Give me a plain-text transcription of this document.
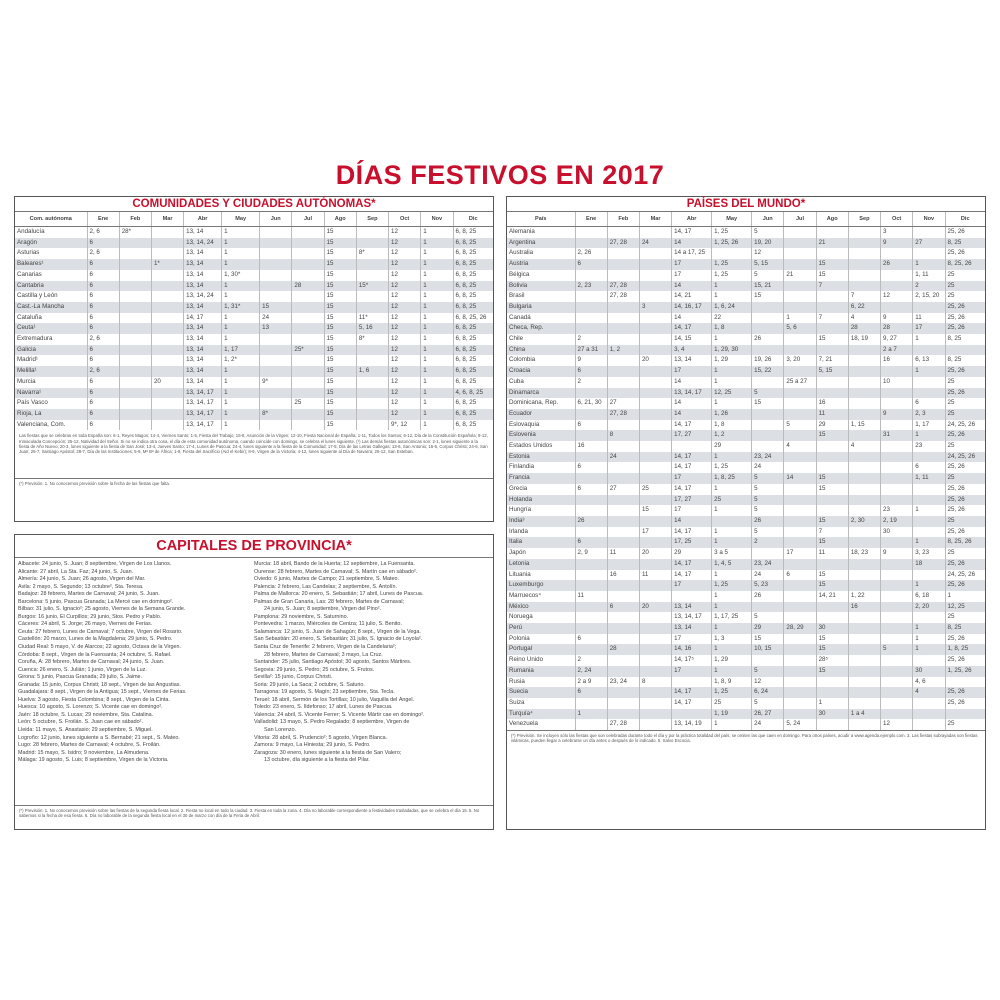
DÍAS FESTIVOS EN 2017
COMUNIDADES Y CIUDADES AUTÓNOMAS*
Com. autónoma	Ene	Feb	Mar	Abr	May	Jun	Jul	Ago	Sep	Oct	Nov	Dic
Andalucía	2, 6	28*		13, 14	1			15		12	1	6, 8, 25
Aragón	6			13, 14, 24	1			15		12	1	6, 8, 25
Asturias	2, 6			13, 14	1			15	8*	12	1	6, 8, 25
Baleares¹	6		1*	13, 14	1			15		12	1	6, 8, 25
Canarias	6			13, 14	1, 30*			15		12	1	6, 8, 25
Cantabria	6			13, 14	1		28	15	15*	12	1	6, 8, 25
Castilla y León	6			13, 14, 24	1			15		12	1	6, 8, 25
Cast.-La Mancha	6			13, 14	1, 31*	15		15		12	1	6, 8, 25
Cataluña	6			14, 17	1	24		15	11*	12	1	6, 8, 25, 26
Ceuta¹	6			13, 14	1	13		15	5, 16	12	1	6, 8, 25
Extremadura	2, 6			13, 14	1			15	8*	12	1	6, 8, 25
Galicia	6			13, 14	1, 17		25*	15		12	1	6, 8, 25
Madrid¹	6			13, 14	1, 2*			15		12	1	6, 8, 25
Melilla¹	2, 6			13, 14	1			15	1, 6	12	1	6, 8, 25
Murcia	6		20	13, 14	1	9*		15		12	1	6, 8, 25
Navarra¹	6			13, 14, 17	1			15		12	1	4, 6, 8, 25
País Vasco	6			13, 14, 17	1		25	15		12	1	6, 8, 25
Rioja, La	6			13, 14, 17	1	8*		15		12	1	6, 8, 25
Valenciana, Com.	6			13, 14, 17	1			15		9*, 12	1	6, 8, 25
Las fiestas que se celebran en toda España son: 6-1, Reyes Magos; 14-4, Viernes Santo; 1-5, Fiesta del Trabajo; 15-8, Asunción de la Virgen; 12-10, Fiesta Nacional de España; 1-11, Todos los Santos; 6-12, Día de la Constitución Española; 8-12, Inmaculada Concepción; 25-12, Natividad del Señor. Si no se indica otra cosa, el día de esta comunidad autónoma, cuando coincide con domingo, se celebra el lunes siguiente. (¹) Las demás fiestas autonómicas son: 2-1, lunes siguiente a la fiesta de Año Nuevo; 20-3, lunes siguiente a la fiesta de San José; 13-4, Jueves Santo; 17-4, Lunes de Pascua; 24-4, lunes siguiente a la fiesta de la Comunidad; 17-5, Día de las Letras Gallegas; 13-6, San Antonio; 15-6, Corpus Christi; 24-6, San Juan; 25-7, Santiago Apóstol; 28-7, Día de las Instituciones; 5-9, Mª Bª de África; 1-9, Fiesta del Sacrificio (Aid el Kebir); 8-9, Virgen de la Victoria; 4-12, lunes siguiente al Día de Navarra; 26-12, San Esteban.
(*) Previsión. 1. No conocemos previsión sobre la fecha de las fiestas que falta.
CAPITALES DE PROVINCIA*
Albacete: 24 junio, S. Juan; 8 septiembre, Virgen de Los Llanos.
Alicante: 27 abril, La Sta. Faz; 24 junio, S. Juan.
Almería: 24 junio, S. Juan; 26 agosto, Virgen del Mar.
Ávila: 2 mayo, S. Segundo; 13 octubre², Sta. Teresa.
Badajoz: 28 febrero, Martes de Carnaval; 24 junio, S. Juan.
Barcelona: 5 junio, Pascua Granada; La Mercé cae en domingo².
Bilbao: 31 julio, S. Ignacio²; 25 agosto, Viernes de la Semana Grande.
Burgos: 16 junio, El Curpillos; 29 junio, Stos. Pedro y Pablo.
Cáceres: 24 abril, S. Jorge; 26 mayo, Viernes de Ferias.
Ceuta: 27 febrero, Lunes de Carnaval; 7 octubre, Virgen del Rosario.
Castellón: 20 marzo, Lunes de la Magdalena; 29 junio, S. Pedro.
Ciudad Real: 5 mayo, V. de Alarcos; 22 agosto, Octava de la Virgen.
Córdoba: 8 sept., Virgen de la Fuensanta; 24 octubre, S. Rafael.
Coruña, A: 28 febrero, Martes de Carnaval; 24 junio, S. Juan.
Cuenca: 26 enero, S. Julián; 1 junio, Virgen de la Luz.
Girona: 5 junio, Pascua Granada; 29 julio, S. Jaime.
Granada: 15 junio, Corpus Christi; 18 sept., Virgen de las Angustias.
Guadalajara: 8 sept., Virgen de la Antigua; 15 sept., Viernes de Ferias.
Huelva: 3 agosto, Fiesta Colombina; 8 sept., Virgen de la Cinta.
Huesca: 10 agosto, S. Lorenzo; S. Vicente cae en domingo².
Jaén: 18 octubre, S. Lucas; 29 noviembre, Sta. Catalina.
León: 5 octubre, S. Froilán. S. Juan cae en sábado².
Lleida: 11 mayo, S. Anastasio; 29 septiembre, S. Miguel.
Logroño: 12 junio, lunes siguiente a S. Bernabé; 21 sept., S. Mateo.
Lugo: 28 febrero, Martes de Carnaval; 4 octubre, S. Froilán.
Madrid: 15 mayo, S. Isidro; 9 noviembre, La Almudena.
Málaga: 19 agosto, S. Luis; 8 septiembre, Virgen de la Victoria.
Murcia: 18 abril, Bando de la Huerta; 12 septiembre, La Fuensanta.
Ourense: 28 febrero, Martes de Carnaval; S. Martín cae en sábado².
Oviedo: 6 junio, Martes de Campo; 21 septiembre, S. Mateo.
Palencia: 2 febrero, Las Candelas; 2 septiembre, S. Antolín.
Palma de Mallorca: 20 enero, S. Sebastián; 17 abril, Lunes de Pascua.
Palmas de Gran Canaria, Las: 28 febrero, Martes de Carnaval;
24 junio, S. Juan; 8 septiembre, Virgen del Pino².
Pamplona: 29 noviembre, S. Saturnino.
Pontevedra: 1 marzo, Miércoles de Ceniza; 11 julio, S. Benito.
Salamanca: 12 junio, S. Juan de Sahagún; 8 sept., Virgen de la Vega.
San Sebastián: 20 enero, S. Sebastián; 31 julio, S. Ignacio de Loyola².
Santa Cruz de Tenerife: 2 febrero, Virgen de la Candelaria²;
28 febrero, Martes de Carnaval; 3 mayo, La Cruz.
Santander: 25 julio, Santiago Apóstol; 30 agosto, Santos Mártires.
Segovia: 29 junio, S. Pedro; 25 octubre, S. Frutos.
Sevilla²: 15 junio, Corpus Christi.
Soria: 29 junio, La Saca; 2 octubre, S. Saturio.
Tarragona: 19 agosto, S. Magín; 23 septiembre, Sta. Tecla.
Teruel: 18 abril, Sermón de los Tortillas; 10 julio, Vaquilla del Ángel.
Toledo: 23 enero, S. Ildefonso; 17 abril, Lunes de Pascua.
Valencia: 24 abril, S. Vicente Ferrer; S. Vicente Mártir cae en domingo².
Valladolid: 13 mayo, S. Pedro Regalado; 8 septiembre, Virgen de
San Lorenzo.
Vitoria: 28 abril, S. Prudencio²; 5 agosto, Virgen Blanca.
Zamora: 9 mayo, La Hiniesta; 29 junio, S. Pedro.
Zaragoza: 30 enero, lunes siguiente a la fiesta de San Valero;
13 octubre, día siguiente a la fiesta del Pilar.
(*) Previsión. 1. No conocemos previsión sobre las fiestas de la segunda fiesta local. 2. Fiesta no local en todo la ciudad. 3. Fiesta en toda la zona. 4. Día no laborable correspondiente a festividades trasladadas, que se celebra el día 15. 5. No sabemos si la fecha de esa fiesta. 6. Día no laborable de la segunda fiesta local en el 30 de marzo con día de la Feria de Abril.
PAÍSES DEL MUNDO*
País	Ene	Feb	Mar	Abr	May	Jun	Jul	Ago	Sep	Oct	Nov	Dic
Alemania				14, 17	1, 25	5				3		25, 26
Argentina		27, 28	24	14	1, 25, 26	19, 20		21		9	27	8, 25
Australia	2, 26			14 a 17, 25		12						25, 26
Austria	6			17	1, 25	5, 15		15		26	1	8, 25, 26
Bélgica				17	1, 25	5	21	15			1, 11	25
Bolivia	2, 23	27, 28		14	1	15, 21		7			2	25
Brasil		27, 28		14, 21	1	15			7	12	2, 15, 20	25
Bulgaria			3	14, 16, 17	1, 6, 24				6, 22			25, 26
Canadá				14	22		1	7	4	9	11	25, 26
Checa, Rep.				14, 17	1, 8		5, 6		28	28	17	25, 26
Chile	2			14, 15	1	26		15	18, 19	9, 27	1	8, 25
China	27 a 31	1, 2		3, 4	1, 29, 30					2 a 7		
Colombia	9		20	13, 14	1, 29	19, 26	3, 20	7, 21		16	6, 13	8, 25
Croacia	6			17	1	15, 22		5, 15			1	25, 26
Cuba	2			14	1		25 a 27			10		25
Dinamarca				13, 14, 17	12, 25	5						25, 26
Dominicana, Rep.	6, 21, 30	27		14	1	15		16			6	25
Ecuador		27, 28		14	1, 26			11		9	2, 3	25
Eslovaquia	6			14, 17	1, 8		5	29	1, 15		1, 17	24, 25, 26
Eslovenia		8		17, 27	1, 2			15		31	1	25, 26
Estados Unidos	16				29		4		4		23	25
Estonia		24		14, 17	1	23, 24						24, 25, 26
Finlandia	6			14, 17	1, 25	24					6	25, 26
Francia				17	1, 8, 25	5	14	15			1, 11	25
Grecia	6	27	25	14, 17	1	5		15				25, 26
Holanda				17, 27	25	5						25, 26
Hungría			15	17	1	5				23	1	25, 26
India³	26			14		26		15	2, 30	2, 19		25
Irlanda			17	14, 17	1	5		7		30		25, 26
Italia	6			17, 25	1	2		15			1	8, 25, 26
Japón	2, 9	11	20	29	3 a 5		17	11	18, 23	9	3, 23	25
Letonia				14, 17	1, 4, 5	23, 24					18	25, 26
Lituania		16	11	14, 17	1	24	6	15				24, 25, 26
Luxemburgo				17	1, 25	5, 23		15			1	25, 26
Marruecos⁴	11				1	26		14, 21	1, 22		6, 18	1
México		6	20	13, 14	1				16		2, 20	12, 25
Noruega				13, 14, 17	1, 17, 25	5						25
Perú				13, 14	1	29	28, 29	30			1	8, 25
Polonia	6			17	1, 3	15		15			1	25, 26
Portugal		28		14, 16	1	10, 15		15		5	1	1, 8, 25
Reino Unido	2			14, 17⁵	1, 29			28⁵				25, 26
Rumania	2, 24			17	1	5		15			30	1, 25, 26
Rusia	2 a 9	23, 24	8		1, 8, 9	12					4, 6	
Suecia	6			14, 17	1, 25	6, 24					4	25, 26
Suiza				14, 17	25	5		1				25, 26
Turquía⁴	1				1, 19	26, 27		30	1 a 4			
Venezuela		27, 28		13, 14, 19	1	24	5, 24			12		25
(*) Previsión. Se incluyen sólo las fiestas que son celebradas durante todo el día y por la práctica totalidad del país; se omiten las que caen en domingo. Para otros países, acudir a www.agenda.ejemplo.com. 3. Las fiestas subrayadas son fiestas islámicas, pueden llegar a celebrarse un día antes o después de lo indicado. 5. Salvo Escocia.
